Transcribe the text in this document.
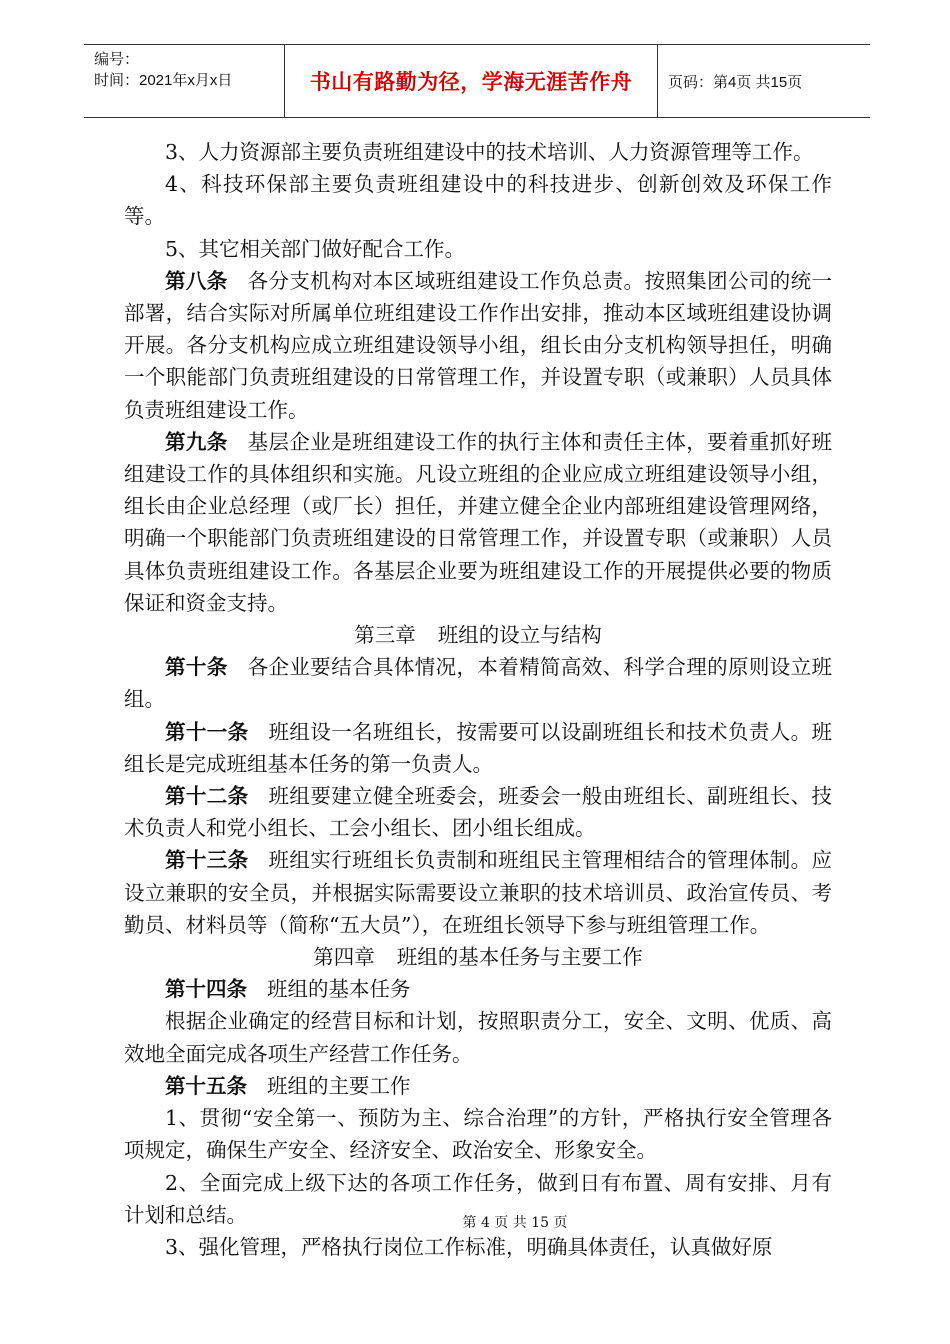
编号：
时间：2021年x月x日	书山有路勤为径，学海无涯苦作舟	页码：第4页 共15页

3、人力资源部主要负责班组建设中的技术培训、人力资源管理等工作。

4、科技环保部主要负责班组建设中的科技进步、创新创效及环保工作等。

5、其它相关部门做好配合工作。

第八条 各分支机构对本区域班组建设工作负总责。按照集团公司的统一部署，结合实际对所属单位班组建设工作作出安排，推动本区域班组建设协调开展。各分支机构应成立班组建设领导小组，组长由分支机构领导担任，明确一个职能部门负责班组建设的日常管理工作，并设置专职（或兼职）人员具体负责班组建设工作。

第九条 基层企业是班组建设工作的执行主体和责任主体，要着重抓好班组建设工作的具体组织和实施。凡设立班组的企业应成立班组建设领导小组，组长由企业总经理（或厂长）担任，并建立健全企业内部班组建设管理网络，明确一个职能部门负责班组建设的日常管理工作，并设置专职（或兼职）人员具体负责班组建设工作。各基层企业要为班组建设工作的开展提供必要的物质保证和资金支持。

第三章 班组的设立与结构

第十条 各企业要结合具体情况，本着精简高效、科学合理的原则设立班组。

第十一条 班组设一名班组长，按需要可以设副班组长和技术负责人。班组长是完成班组基本任务的第一负责人。

第十二条 班组要建立健全班委会，班委会一般由班组长、副班组长、技术负责人和党小组长、工会小组长、团小组长组成。

第十三条 班组实行班组长负责制和班组民主管理相结合的管理体制。应设立兼职的安全员，并根据实际需要设立兼职的技术培训员、政治宣传员、考勤员、材料员等（简称“五大员”），在班组长领导下参与班组管理工作。

第四章 班组的基本任务与主要工作

第十四条 班组的基本任务

根据企业确定的经营目标和计划，按照职责分工，安全、文明、优质、高效地全面完成各项生产经营工作任务。

第十五条 班组的主要工作

1、贯彻“安全第一、预防为主、综合治理”的方针，严格执行安全管理各项规定，确保生产安全、经济安全、政治安全、形象安全。

2、全面完成上级下达的各项工作任务，做到日有布置、周有安排、月有计划和总结。

3、强化管理，严格执行岗位工作标准，明确具体责任，认真做好原

第 4 页 共 15 页
